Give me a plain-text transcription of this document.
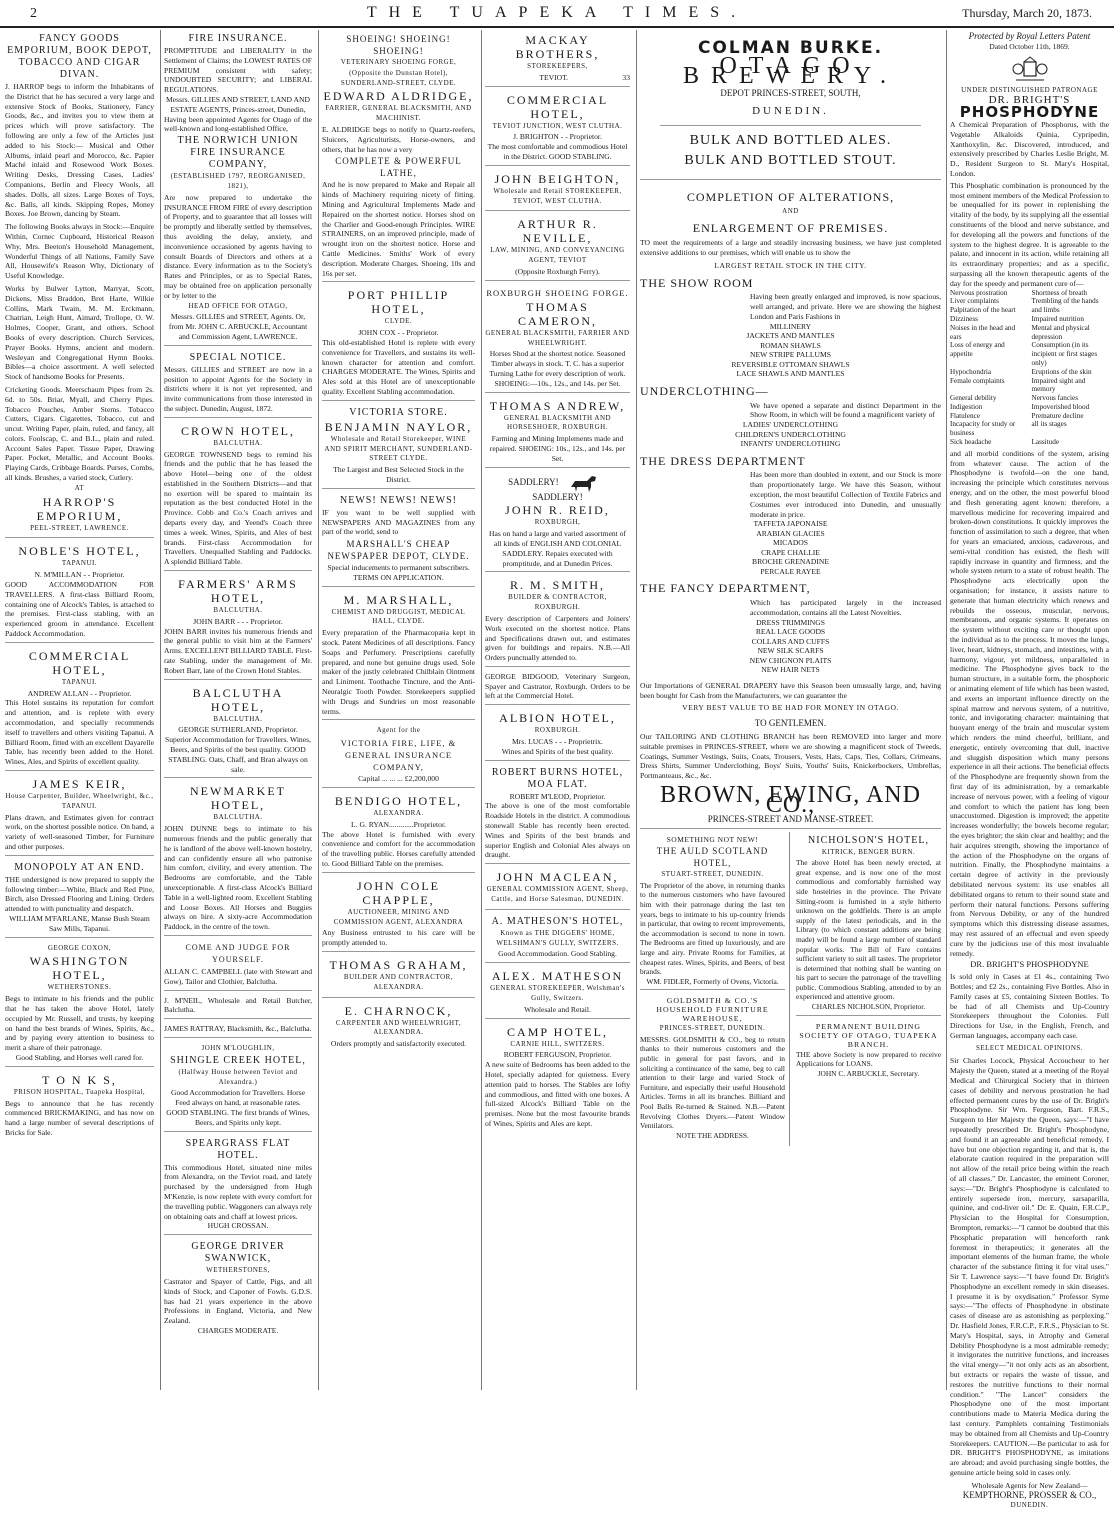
2	THE TUAPEKA TIMES.	Thursday, March 20, 1873.
FANCY GOODS EMPORIUM, BOOK DEPOT, TOBACCO AND CIGAR DIVAN.

J. HARROP begs to inform the Inhabitants of the District that he has secured a very large and extensive Stock of Books, Stationery, Fancy Goods, &c., and invites you to view them at prices which will prove satisfactory. The following are only a few of the Articles just added to his Stock:— Musical and Other Albums, inlaid pearl and Morocco, &c. Papier Maché inlaid and Rosewood Work Boxes. Writing Desks, Dressing Cases, Ladies' Companions, Berlin and Fleecy Wools, all shades. Dolls, all sizes. Large Boxes of Toys, &c. Balls, all kinds. Skipping Ropes, Money Boxes. Joe Brown, dancing by Steam.

The following Books always in Stock:—Enquire Within, Cornec Cupboard, Historical Reason Why, Mrs. Beeton's Household Management, Wonderful Things of all Nations, Family Save All, Housewife's Reason Why, Dictionary of Useful Knowledge.

Works by Bulwer Lytton, Marryat, Scott, Dickens, Miss Braddon, Bret Harte, Wilkie Collins, Mark Twain, M. M. Erckmann, Chatrian, Leigh Hunt, Aimard, Trollope, O. W. Holmes, Cooper, Grant, and others. School Books of every description. Church Services, Prayer Books. Hymns, ancient and modern. Wesleyan and Congregational Hymn Books. Bibles—a choice assortment. A well selected Stock of handsome Books for Presents.

Cricketing Goods. Meerschaum Pipes from 2s. 6d. to 50s. Briar, Myall, and Cherry Pipes. Tobacco Pouches, Amber Stems. Tobacco Cutters, Cigars. Cigarettes, Tobacco, cut and uncut. Writing Paper, plain, ruled, and fancy, all colors. Foolscap, C. and B.L., plain and ruled. Account Sales Paper. Tissue Paper, Drawing Paper. Pocket, Metallic, and Account Books. Playing Cards, Cribbage Boards. Purses, Combs, all kinds. Brushes, a varied stock, Cutlery.

AT
HARROP'S EMPORIUM,
PEEL-STREET, LAWRENCE.
NOBLE'S HOTEL,
TAPANUI.

N. M'MILLAN - - Proprietor.

GOOD ACCOMMODATION FOR TRAVELLERS. A first-class Billiard Room, containing one of Alcock's Tables, is attached to the premises. First-class stabling, with an experienced groom in attendance. Excellent Paddock Accommodation.

COMMERCIAL HOTEL,
TAPANUI.

ANDREW ALLAN - - Proprietor.

This Hotel sustains its reputation for comfort and attention, and is replete with every accommodation, and specially recommends itself to travellers and others visiting Tapanui. A Billiard Room, fitted with an excellent Dayarelle Table, has recently been added to the Hotel. Wines, Ales, and Spirits of excellent quality.

JAMES KEIR,
House Carpenter, Builder, Wheelwright, &c., TAPANUI.

Plans drawn, and Estimates given for contract work, on the shortest possible notice. On hand, a variety of well-seasoned Timber, for Furniture and other purposes.

MONOPOLY AT AN END.

THE undersigned is now prepared to supply the following timber:—White, Black and Red Pine, Birch, also Dressed Flooring and Lining. Orders attended to with punctuality and despatch.

WILLIAM M'FARLANE, Manse Bush Steam Saw Mills, Tapanui.

GEORGE COXON,
WASHINGTON HOTEL,
WETHERSTONES.

Begs to intimate to his friends and the public that he has taken the above Hotel, lately occupied by Mr. Russell, and trusts, by keeping on hand the best brands of Wines, Spirits, &c., and by paying every attention to business to merit a share of their patronage.

Good Stabling, and Horses well cared for.

T O N K S,
PRISON HOSPITAL, Tuapeka Hospital,

Begs to announce that he has recently commenced BRICKMAKING, and has now on hand a large number of several descriptions of Bricks for Sale.

FIRE INSURANCE.

PROMPTITUDE and LIBERALITY in the Settlement of Claims; the LOWEST RATES OF PREMIUM consistent with safety; UNDOUBTED SECURITY; and LIBERAL REGULATIONS.

Messrs. GILLIES AND STREET, LAND AND ESTATE AGENTS, Princes-street, Dunedin,

Having been appointed Agents for Otago of the well-known and long-established Office,

THE NORWICH UNION FIRE INSURANCE COMPANY,
(ESTABLISHED 1797, REORGANISED, 1821),

Are now prepared to undertake the INSURANCE FROM FIRE of every description of Property, and to guarantee that all losses will be promptly and liberally settled by themselves, thus avoiding the delay, anxiety, and inconvenience occasioned by agents having to consult Boards of Directors and others at a distance. Every information as to the Society's Rates and Principles, or as to Special Rates, may be obtained free on application personally or by letter to the

HEAD OFFICE FOR OTAGO,

Messrs. GILLIES and STREET, Agents. Or, from Mr. JOHN C. ARBUCKLE, Accountant and Commission Agent, LAWRENCE.

SPECIAL NOTICE.

Messrs. GILLIES and STREET are now in a position to appoint Agents for the Society in districts where it is not yet represented, and invite communications from those interested in the subject. Dunedin, August, 1872.

CROWN HOTEL,
BALCLUTHA.

GEORGE TOWNSEND begs to remind his friends and the public that he has leased the above Hotel—being one of the oldest established in the Southern Districts—and that no exertion will be spared to maintain its reputation as the best conducted Hotel in the Province. Cobb and Co.'s Coach arrives and departs every day, and Yeend's Coach three times a week. Wines, Spirits, and Ales of best brands. First-class Accommodation for Travellers. Unequalled Stabling and Paddocks. A splendid Billiard Table.

FARMERS' ARMS HOTEL,
BALCLUTHA.

JOHN BARR - - - Proprietor.

JOHN BARR invites his numerous friends and the general public to visit him at the Farmers' Arms. EXCELLENT BILLIARD TABLE. First-rate Stabling, under the management of Mr. Robert Barr, late of the Crown Hotel Stables.

BALCLUTHA HOTEL,
BALCLUTHA.

GEORGE SUTHERLAND, Proprietor.

Superior Accommodation for Travellers. Wines, Beers, and Spirits of the best quality. GOOD STABLING. Oats, Chaff, and Bran always on sale.

NEWMARKET HOTEL,
BALCLUTHA.

JOHN DUNNE begs to intimate to his numerous friends and the public generally that he is landlord of the above well-known hostelry, and can confidently ensure all who patronise him comfort, civility, and every attention. The Bedrooms are comfortable, and the Table unexceptionable. A first-class Alcock's Billiard Table in a well-lighted room. Excellent Stabling and Loose Boxes. All Horses and Buggies always on hire. A sixty-acre Accommodation Paddock, in the centre of the town.

COME AND JUDGE FOR YOURSELF.

ALLAN C. CAMPBELL (late with Stewart and Gow), Tailor and Clothier, Balclutha.

J. M'NEIL, Wholesale and Retail Butcher, Balclutha.

JAMES RATTRAY, Blacksmith, &c., Balclutha.

JOHN M'LOUGHLIN,
SHINGLE CREEK HOTEL,
(Halfway House between Teviot and Alexandra.)

Good Accommodation for Travellers. Horse Feed always on hand, at reasonable rates. GOOD STABLING. The first brands of Wines, Beers, and Spirits only kept.

SPEARGRASS FLAT HOTEL.

This commodious Hotel, situated nine miles from Alexandra, on the Teviot road, and lately purchased by the undersigned from Hugh M'Kenzie, is now replete with every comfort for the travelling public. Waggoners can always rely on obtaining oats and chaff at lowest prices.

HUGH CROSSAN.

GEORGE DRIVER SWANWICK,
WETHERSTONES,

Castrator and Spayer of Cattle, Pigs, and all kinds of Stock, and Caponer of Fowls. G.D.S. has had 21 years experience in the above Professions in England, Victoria, and New Zealand.

CHARGES MODERATE.

SHOEING! SHOEING! SHOEING!
VETERINARY SHOEING FORGE,
(Opposite the Dunstan Hotel), SUNDERLAND-STREET, CLYDE.
EDWARD ALDRIDGE,
FARRIER, GENERAL BLACKSMITH, AND MACHINIST.

E. ALDRIDGE begs to notify to Quartz-reefers, Sluicers, Agriculturists, Horse-owners, and others, that he has now a very

COMPLETE & POWERFUL LATHE,

And he is now prepared to Make and Repair all kinds of Machinery requiring nicety of fitting. Mining and Agricultural Implements Made and Repaired on the shortest notice. Horses shod on the Charlier and Good-enough Principles. WIRE STRAINERS, on an improved principle, made of wrought iron on the shortest notice. Horse and Cattle Medicines. Smiths' Work of every description. Moderate Charges. Shoeing, 10s and 16s per set.

PORT PHILLIP HOTEL,
CLYDE.

JOHN COX - - Proprietor.

This old-established Hotel is replete with every convenience for Travellers, and sustains its well-known character for attention and comfort. CHARGES MODERATE. The Wines, Spirits and Ales sold at this Hotel are of unexceptionable quality. Excellent Stabling accommodation.

VICTORIA STORE.
BENJAMIN NAYLOR,
Wholesale and Retail Storekeeper, WINE AND SPIRIT MERCHANT, SUNDERLAND-STREET CLYDE.

The Largest and Best Selected Stock in the District.

NEWS! NEWS! NEWS!

IF you want to be well supplied with NEWSPAPERS AND MAGAZINES from any part of the world, send to

MARSHALL'S CHEAP NEWSPAPER DEPOT, CLYDE.

Special inducements to permanent subscribers. TERMS ON APPLICATION.

M. MARSHALL,
CHEMIST AND DRUGGIST, MEDICAL HALL, CLYDE.

Every preparation of the Pharmacopæia kept in stock. Patent Medicines of all descriptions. Fancy Soaps and Perfumery. Prescriptions carefully prepared, and none but genuine drugs used. Sole maker of the justly celebrated Chilblain Ointment and Liniment. Toothache Tincture, and the Anti-Neuralgic Tooth Powder. Storekeepers supplied with Drugs and Sundries on most reasonable terms.

Agent for the
VICTORIA FIRE, LIFE, & GENERAL INSURANCE COMPANY,

Capital ... ... ... £2,200,000

BENDIGO HOTEL,
ALEXANDRA.

L. G. RYAN.............Proprietor.

The above Hotel is furnished with every convenience and comfort for the accommodation of the travelling public. Horses carefully attended to. Good Billiard Table on the premises.

JOHN COLE CHAPPLE,
AUCTIONEER, MINING AND COMMISSION AGENT, ALEXANDRA

Any Business entrusted to his care will be promptly attended to.

THOMAS GRAHAM,
BUILDER AND CONTRACTOR, ALEXANDRA.
E. CHARNOCK,
CARPENTER AND WHEELWRIGHT, ALEXANDRA.

Orders promptly and satisfactorily executed.

MACKAY BROTHERS,
STOREKEEPERS,
TEVIOT.	33
COMMERCIAL HOTEL,
TEVIOT JUNCTION, WEST CLUTHA.

J. BRIGHTON - - Proprietor.

The most comfortable and commodious Hotel in the District. GOOD STABLING.

JOHN BEIGHTON,
Wholesale and Retail STOREKEEPER, TEVIOT, WEST CLUTHA.
ARTHUR R. NEVILLE,
LAW, MINING, AND CONVEYANCING AGENT, TEVIOT

(Opposite Roxburgh Ferry).

ROXBURGH SHOEING FORGE.
THOMAS CAMERON,
GENERAL BLACKSMITH, FARRIER AND WHEELWRIGHT.

Horses Shod at the shortest notice. Seasoned Timber always in stock. T. C. has a superior Turning Lathe for every description of work. SHOEING:—10s., 12s., and 14s. per Set.

THOMAS ANDREW,
GENERAL BLACKSMITH AND HORSESHOER, ROXBURGH.

Farming and Mining Implements made and repaired. SHOEING: 10s., 12s., and 14s. per Set.

SADDLERY!  SADDLERY!
JOHN R. REID,
ROXBURGH,

Has on hand a large and varied assortment of all kinds of ENGLISH AND COLONIAL SADDLERY. Repairs executed with promptitude, and at Dunedin Prices.

R. M. SMITH,
BUILDER & CONTRACTOR, ROXBURGH.

Every description of Carpenters and Joiners' Work executed on the shortest notice. Plans and Specifications drawn out, and estimates given for buildings and repairs. N.B.—All Orders punctually attended to.

GEORGE BIDGOOD, Veterinary Surgeon, Spayer and Castrator, Roxburgh. Orders to be left at the Commercial Hotel.

ALBION HOTEL,
ROXBURGH.

Mrs. LUCAS - - - Proprietrix.

Wines and Spirits of the best quality.

ROBERT BURNS HOTEL, MOA FLAT.

ROBERT M'LEOD, Proprietor.

The above is one of the most comfortable Roadside Hotels in the district. A commodious stonewall Stable has recently been erected. Wines and Spirits of the best brands and superior English and Colonial Ales always on draught.

JOHN MACLEAN,
GENERAL COMMISSION AGENT, Sheep, Cattle, and Horse Salesman, DUNEDIN.
A. MATHESON'S HOTEL,
Known as THE DIGGERS' HOME, WELSHMAN'S GULLY, SWITZERS.

Good Accommodation. Good Stabling.

ALEX. MATHESON
GENERAL STOREKEEPER, Welshman's Gully, Switzers.

Wholesale and Retail.

CAMP HOTEL,
CARNIE HILL, SWITZERS.

ROBERT FERGUSON, Proprietor.

A new suite of Bedrooms has been added to the Hotel, specially adapted for quietness. Every attention paid to horses. The Stables are lofty and commodious, and fitted with one boxes. A full-sized Alcock's Billiard Table on the premises. None but the most favourite brands of Wines, Spirits and Ales are kept.

COLMAN BURKE.
OTAGO BREWERY.
DEPOT PRINCES-STREET, SOUTH,
DUNEDIN.
BULK AND BOTTLED ALES.
BULK AND BOTTLED STOUT.
COMPLETION OF ALTERATIONS,
AND
ENLARGEMENT OF PREMISES.

TO meet the requirements of a large and steadily increasing business, we have just completed extensive additions to our premises, which will enable us to show the

LARGEST RETAIL STOCK IN THE CITY.

THE SHOW ROOM

Having been greatly enlarged and improved, is now spacious, well arranged, and private. Here we are showing the highest London and Paris Fashions in

MILLINERY
JACKETS AND MANTLES
ROMAN SHAWLS
NEW STRIPE PALLUMS
REVERSIBLE OTTOMAN SHAWLS
LACE SHAWLS AND MANTLES
UNDERCLOTHING—

We have opened a separate and distinct Department in the Show Room, in which will be found a magnificent variety of

LADIES' UNDERCLOTHING
CHILDREN'S UNDERCLOTHING
INFANTS' UNDERCLOTHING
THE DRESS DEPARTMENT

Has been more than doubled in extent, and our Stock is more than proportionately large. We have this Season, without exception, the most beautiful Collection of Textile Fabrics and Costumes ever introduced into Dunedin, and unusually moderate in price.

TAFFETA JAPONAISE
ARABIAN GLACIES
MICADOS
CRAPE CHALLIE
BROCHE GRENADINE
PERCALE RAYEE
THE FANCY DEPARTMENT,

Which has participated largely in the increased accommodation, contains all the Latest Novelties.

DRESS TRIMMINGS
REAL LACE GOODS
COLLARS AND CUFFS
NEW SILK SCARFS
NEW CHIGNON PLAITS
NEW HAIR NETS

Our Importations of GENERAL DRAPERY have this Season been unusually large, and, having been bought for Cash from the Manufacturers, we can guarantee the

VERY BEST VALUE TO BE HAD FOR MONEY IN OTAGO.

TO GENTLEMEN.

Our TAILORING AND CLOTHING BRANCH has been REMOVED into larger and more suitable premises in PRINCES-STREET, where we are showing a magnificent stock of Tweeds, Coatings, Summer Vestings, Suits, Coats, Trousers, Vests, Hats, Caps, Ties, Collars, Crimeans, Dress Shirts, Summer Underclothing, Boys' Suits, Youths' Suits, Knickerbockers, Umbrellas, Portmanteaus, &c., &c.

BROWN, EWING, AND CO.,
PRINCES-STREET AND MANSE-STREET.
SOMETHING NOT NEW!
THE AULD SCOTLAND HOTEL,
STUART-STREET, DUNEDIN.

The Proprietor of the above, in returning thanks to the numerous customers who have favoured him with their patronage during the last ten years, begs to intimate to his up-country friends in particular, that owing to recent improvements, the accommodation is second to none in town. The Bedrooms are fitted up luxuriously, and are large and airy. Private Rooms for Families, at cheapest rates. Wines, Spirits, and Beers, of best brands.

WM. FIDLER, Formerly of Ovens, Victoria.

GOLDSMITH & CO.'S HOUSEHOLD FURNITURE WAREHOUSE,
PRINCES-STREET, DUNEDIN.

MESSRS. GOLDSMITH & CO., beg to return thanks to their numerous customers and the public in general for past favors, and in soliciting a continuance of the same, beg to call attention to their large and varied Stock of Furniture, and especially their useful Household Articles. Terms in all its branches. Billiard and Pool Balls Re-turned & Stained. N.B.—Patent Revolving Clothes Dryers.—Patent Window Ventilators.

NOTE THE ADDRESS.

NICHOLSON'S HOTEL,
KITRICK, BENGER BURN.

The above Hotel has been newly erected, at great expense, and is now one of the most commodious and comfortably furnished way side hostelries in the province. The Private Sitting-room is furnished in a style hitherto unknown on the goldfields. There is an ample supply of the latest periodicals, and in the Library (to which constant additions are being made) will be found a large number of standard popular works. The Bill of Fare contains sufficient variety to suit all tastes. The proprietor is determined that nothing shall be wanting on his part to secure the patronage of the travelling public. Commodious Stabling, attended to by an experienced and attentive groom.

CHARLES NICHOLSON, Proprietor.

PERMANENT BUILDING SOCIETY OF OTAGO, TUAPEKA BRANCH.

THE above Society is now prepared to receive Applications for LOANS.

JOHN C. ARBUCKLE, Secretary.

Protected by Royal Letters Patent
Dated October 11th, 1869.
UNDER DISTINGUISHED PATRONAGE
DR. BRIGHT'S
PHOSPHODYNE

A Chemical Preparation of Phosphorus, with the Vegetable Alkaloids Quinia, Cypripedin, Xanthoxylin, &c. Discovered, introduced, and extensively prescribed by Charles Leslie Bright, M. D., Resident Surgeon to St. Mary's Hospital, London.

This Phosphatic combination is pronounced by the most eminent members of the Medical Profession to be unequalled for its power in replenishing the vitality of the body, by its supplying all the essential constituents of the blood and nerve substance, and for developing all the powers and functions of the system to the highest degree. It is agreeable to the palate, and innocent in its action, while retaining all its extraordinary properties; and as a specific, surpassing all the known therapeutic agents of the day for the speedy and permanent cure of—

Nervous prostration	Shortness of breath
Liver complaints	Trembling of the hands
Palpitation of the heart	and limbs
Dizziness	Impaired nutrition
Noises in the head and ears
Mental and physical depression
Loss of energy and appetite
Consumption (in its incipient or first stages only)
Hypochondria	Eruptions of the skin
Female complaints	Impaired sight and memory
General debility	Nervous fancies
Indigestion	Impoverished blood
Flatulence	Premature decline
Incapacity for study or business
all its stages
Sick headache	Lassitude

and all morbid conditions of the system, arising from whatever cause. The action of the Phosphodyne is twofold—on the one hand, increasing the principle which constitutes nervous energy, and on the other, the most powerful blood and flesh generating agent known: therefore, a marvellous medicine for recovering impaired and broken-down constitutions. It quickly improves the function of assimilation to such a degree, that when for years an emaciated, anxious, cadaverous, and semi-vital condition has existed, the flesh will rapidly increase in quantity and firmness, and the whole system return to a state of robust health. The Phosphodyne acts electrically upon the organisation; for instance, it assists nature to generate that human electricity which renews and rebuilds the osseous, muscular, nervous, membranous, and organic systems. It operates on the system without exciting care or thought upon the individual as to the process. It moves the lungs, liver, heart, kidneys, stomach, and intestines, with a harmony, vigour, yet mildness, unparalleled in medicine. The Phosphodyne gives back to the human structure, in a suitable form, the phosphoric or animating element of life which has been wasted, and exerts an important influence directly on the spinal marrow and nervous system, of a nutritive, tonic, and invigorating character: maintaining that buoyant energy of the brain and muscular system which renders the mind cheerful, brilliant, and energetic, entirely overcoming that dull, inactive and sluggish disposition which many persons experience in all their actions. The beneficial effects of the Phosphodyne are frequently shown from the first day of its administration, by a remarkable increase of nervous power, with a feeling of vigour and comfort to which the patient has long been unaccustomed. Digestion is improved; the appetite increases wonderfully; the bowels become regular; the eyes brighter; the skin clear and healthy; and the hair acquires strength, showing the importance of the action of the Phosphodyne on the organs of nutrition. Finally, the Phosphodyne maintains a certain degree of activity in the previously debilitated nervous system: its use enables all debilitated organs to return to their sound state and perform their natural functions. Persons suffering from Nervous Debility, or any of the hundred symptoms which this distressing disease assumes, may rest assured of an effectual and even speedy cure by the judicious use of this most invaluable remedy.

DR. BRIGHT'S PHOSPHODYNE

Is sold only in Cases at £1 4s., containing Two Bottles; and £2 2s., containing Five Bottles. Also in Family cases at £5, containing Sixteen Bottles. To be had of all Chemists and Up-Country Storekeepers throughout the Colonies. Full Directions for Use, in the English, French, and German languages, accompany each case.

SELECT MEDICAL OPINIONS.

Sir Charles Locock, Physical Accoucheur to her Majesty the Queen, stated at a meeting of the Royal Medical and Chirurgical Society that in thirteen cases of debility and nervous prostration he had effected permanent cures by the use of Dr. Bright's Phosphodyne. Sir Wm. Ferguson, Bart. F.R.S., Surgeon to Her Majesty the Queen, says:—"I have repeatedly prescribed Dr. Bright's Phosphodyne, and found it an agreeable and beneficial remedy. I have but one objection regarding it, and that is, the elaborate caution required in the preparation will not allow of the retail price being within the reach of all classes." Dr. Lancaster, the eminent Coroner, says:—"Dr. Bright's Phosphodyne is calculated to entirely supersede iron, mercury, sarsaparilla, quinine, and cod-liver oil." Dr. E. Quain, F.R.C.P., Physician to the Hospital for Consumption, Brompton, remarks:—"I cannot be doubted that this Phosphatic preparation will henceforth rank foremost in therapeutics; it generates all the important elements of the human frame, the whole character of the substance fitting it for vital uses." Sir T. Lawrence says:—"I have found Dr. Bright's Phosphodyne an excellent remedy in skin diseases. I presume it is by oxydisation." Professor Syme says:—"The effects of Phosphodyne in obstinate cases of disease are as astonishing as perplexing." Dr. Hasfield Jones, F.R.C.P., F.R.S., Physician to St. Mary's Hospital, says, in Atrophy and General Debility Phosphodyne is a most admirable remedy; it invigorates the nutritive functions, and increases the vital energy—"it not only acts as an absorbent, but extracts or repairs the waste of tissue, and restores the nutritive functions to their normal condition." "The Lancet" considers the Phosphodyne one of the most important contributions made to Materia Medica during the last century. Pamphlets containing Testimonials may be obtained from all Chemists and Up-Country Storekeepers. CAUTION.—Be particular to ask for DR. BRIGHT'S PHOSPHODYNE, as imitations are abroad; and avoid purchasing single bottles, the genuine article being sold in cases only.

Wholesale Agents for New Zealand—

KEMPTHORNE, PROSSER & CO.,
DUNEDIN.
